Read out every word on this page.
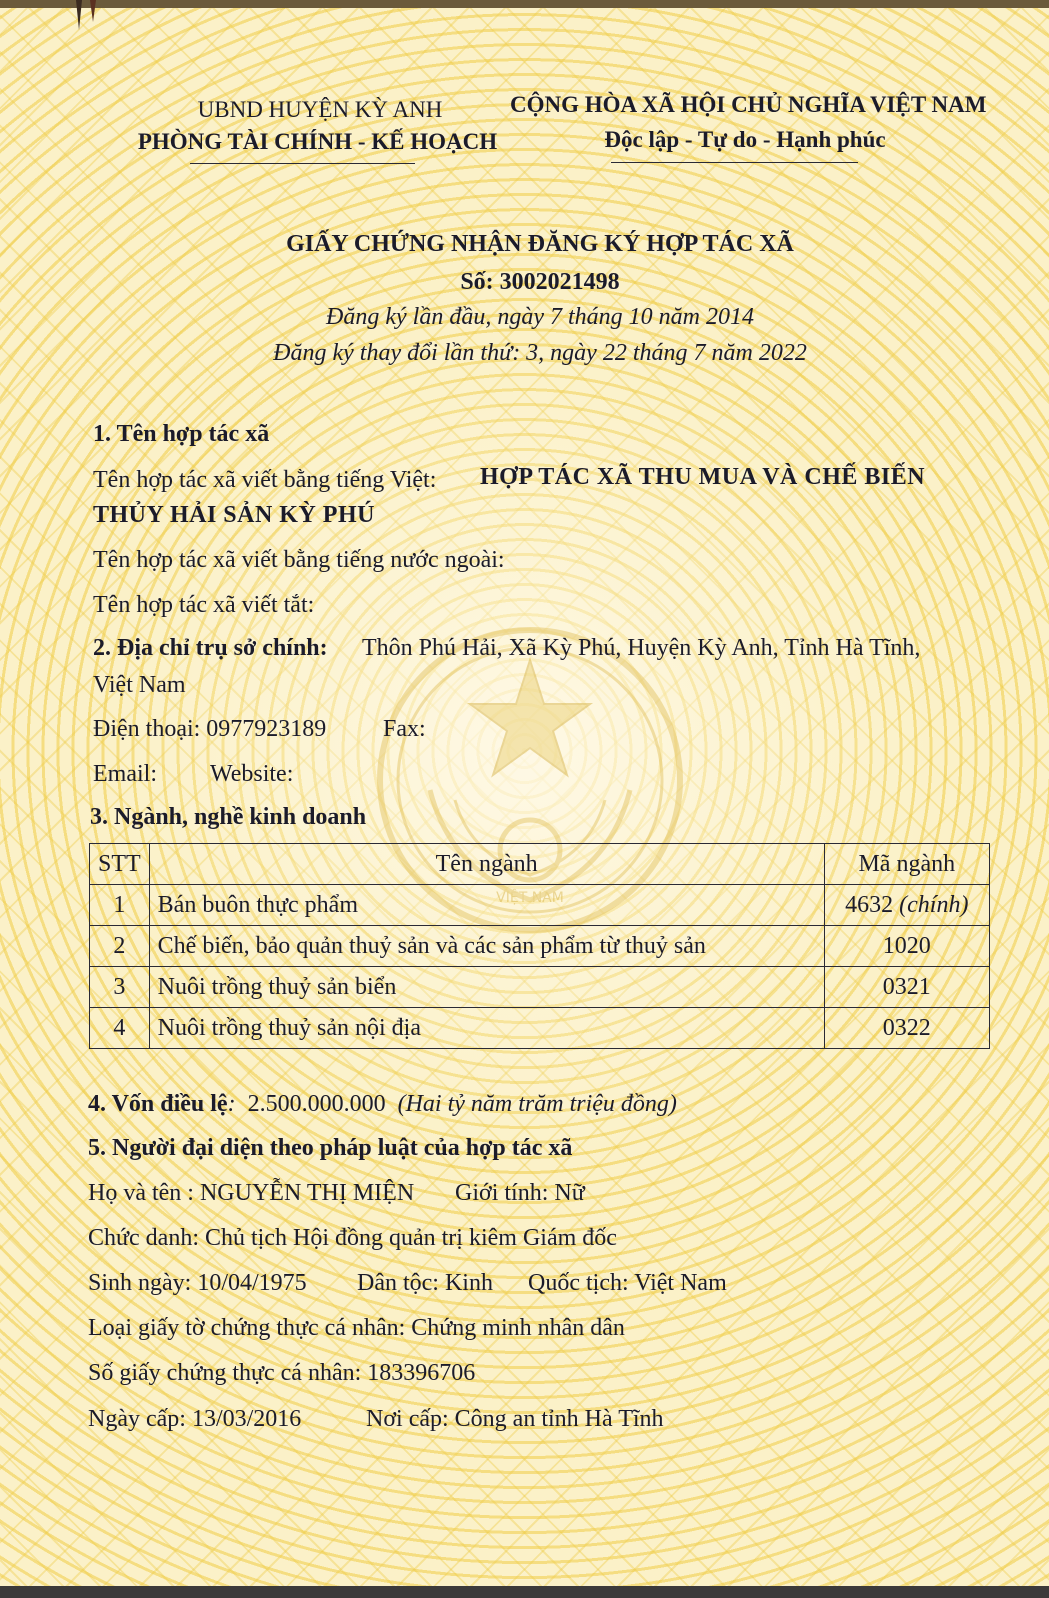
VIỆT NAM
UBND HUYỆN KỲ ANH
PHÒNG TÀI CHÍNH - KẾ HOẠCH
CỘNG HÒA XÃ HỘI CHỦ NGHĨA VIỆT NAM
Độc lập - Tự do - Hạnh phúc
GIẤY CHỨNG NHẬN ĐĂNG KÝ HỢP TÁC XÃ
Số: 3002021498
Đăng ký lần đầu, ngày 7 tháng 10 năm 2014
Đăng ký thay đổi lần thứ: 3, ngày 22 tháng 7 năm 2022
1. Tên hợp tác xã
Tên hợp tác xã viết bằng tiếng Việt: HỢP TÁC XÃ THU MUA VÀ CHẾ BIẾN
THỦY HẢI SẢN KỲ PHÚ
Tên hợp tác xã viết bằng tiếng nước ngoài:
Tên hợp tác xã viết tắt:
2. Địa chỉ trụ sở chính: Thôn Phú Hải, Xã Kỳ Phú, Huyện Kỳ Anh, Tỉnh Hà Tĩnh,
Việt Nam
Điện thoại: 0977923189 Fax:
Email: Website:
3. Ngành, nghề kinh doanh
STT	Tên ngành	Mã ngành
1	Bán buôn thực phẩm	4632 (chính)
2	Chế biến, bảo quản thuỷ sản và các sản phẩm từ thuỷ sản	1020
3	Nuôi trồng thuỷ sản biển	0321
4	Nuôi trồng thuỷ sản nội địa	0322
4. Vốn điều lệ: 2.500.000.000 (Hai tỷ năm trăm triệu đồng)
5. Người đại diện theo pháp luật của hợp tác xã
Họ và tên : NGUYỄN THỊ MIỆN Giới tính: Nữ
Chức danh: Chủ tịch Hội đồng quản trị kiêm Giám đốc
Sinh ngày: 10/04/1975 Dân tộc: Kinh Quốc tịch: Việt Nam
Loại giấy tờ chứng thực cá nhân: Chứng minh nhân dân
Số giấy chứng thực cá nhân: 183396706
Ngày cấp: 13/03/2016	Nơi cấp: Công an tỉnh Hà Tĩnh
